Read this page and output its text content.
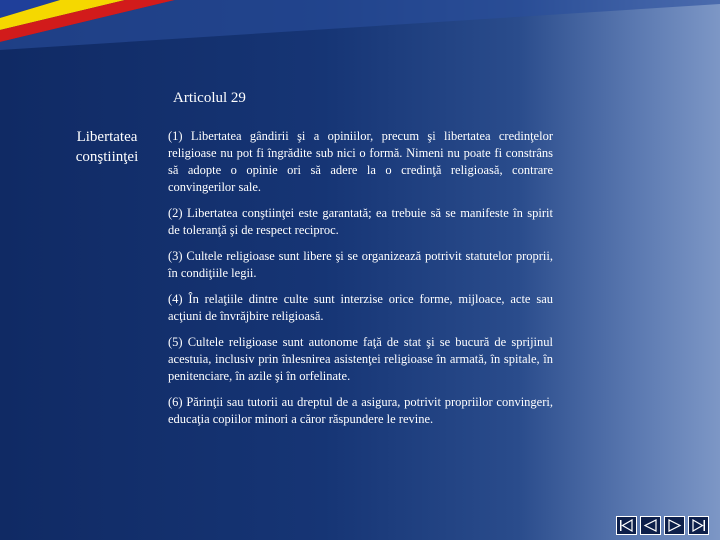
Articolul 29
Libertatea
conştiinţei

(1) Libertatea gândirii şi a opiniilor, precum şi libertatea credinţelor religioase nu pot fi îngrădite sub nici o formă. Nimeni nu poate fi constrâns să adopte o opinie ori să adere la o credinţă religioasă, contrare convingerilor sale.

(2) Libertatea conştiinţei este garantată; ea trebuie să se manifeste în spirit de toleranţă şi de respect reciproc.

(3) Cultele religioase sunt libere şi se organizează potrivit statutelor proprii, în condiţiile legii.

(4) În relaţiile dintre culte sunt interzise orice forme, mijloace, acte sau acţiuni de învrăjbire religioasă.

(5) Cultele religioase sunt autonome faţă de stat şi se bucură de sprijinul acestuia, inclusiv prin înlesnirea asistenţei religioase în armată, în spitale, în penitenciare, în azile şi în orfelinate.

(6) Părinţii sau tutorii au dreptul de a asigura, potrivit propriilor convingeri, educaţia copiilor minori a căror răspundere le revine.
